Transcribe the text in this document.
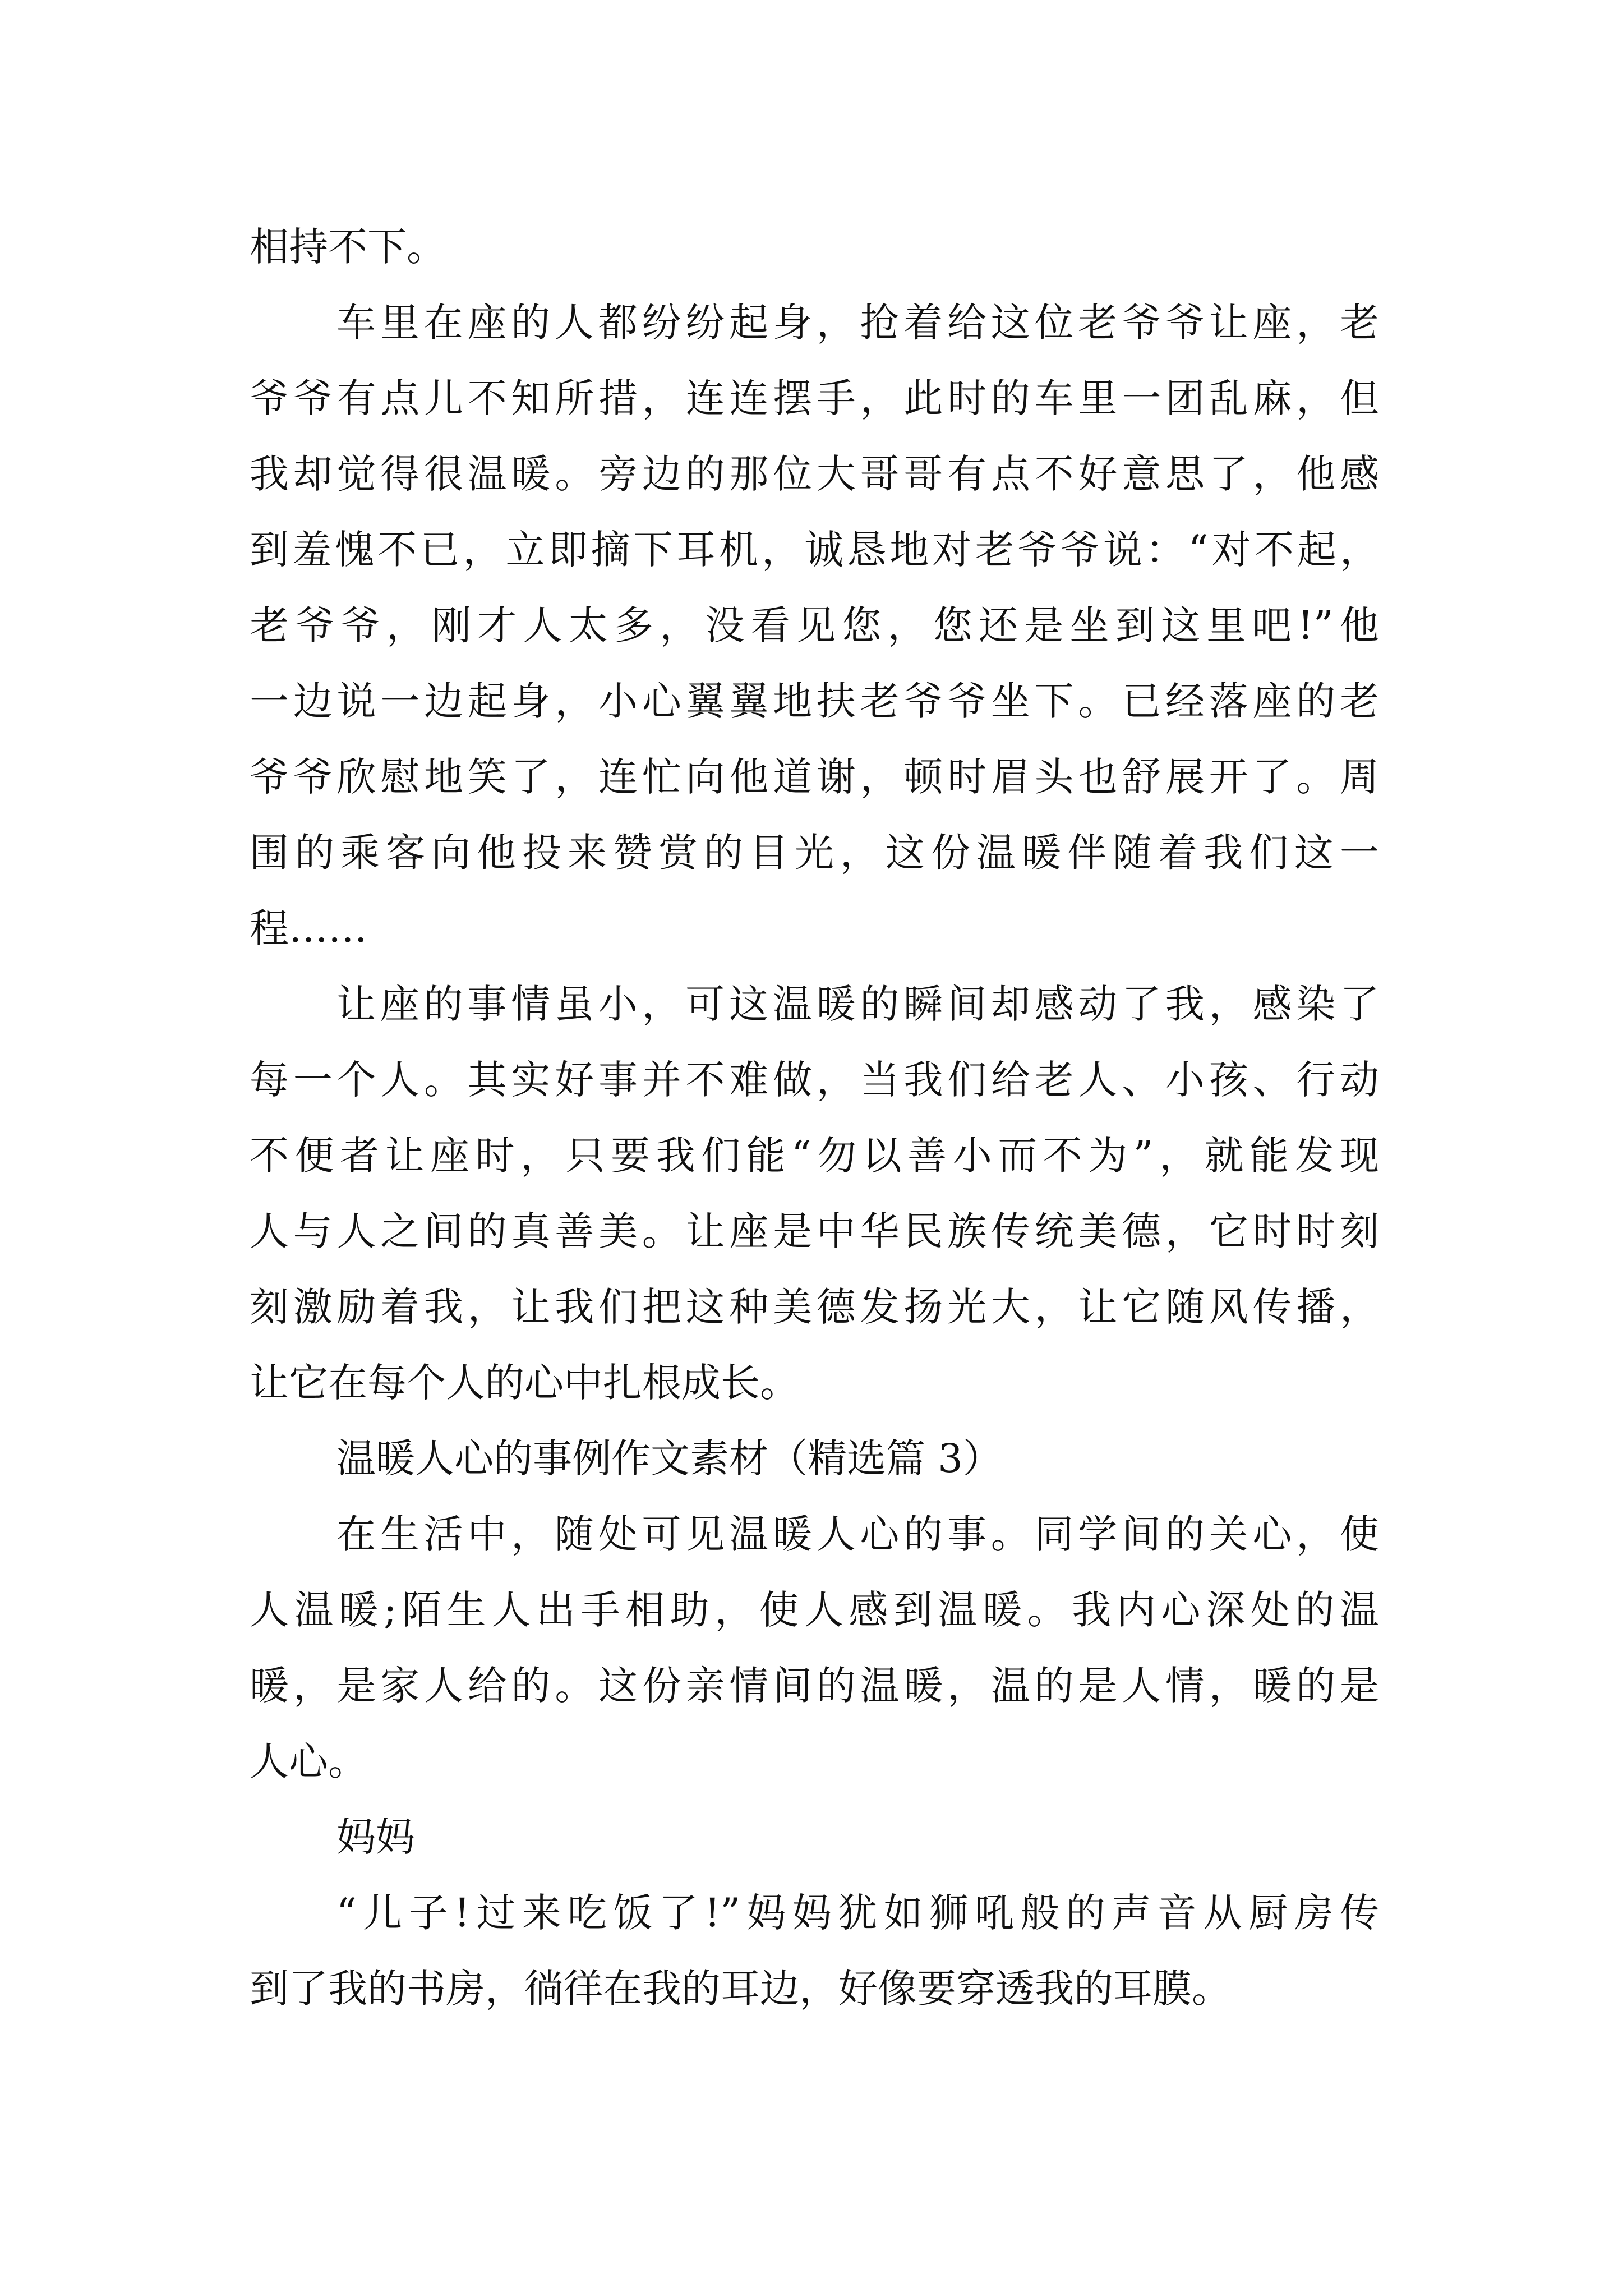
相持不下。
车里在座的人都纷纷起身，抢着给这位老爷爷让座，老
爷爷有点儿不知所措，连连摆手，此时的车里一团乱麻，但
我却觉得很温暖。旁边的那位大哥哥有点不好意思了，他感
到羞愧不已，立即摘下耳机，诚恳地对老爷爷说：“对不起，
老爷爷，刚才人太多，没看见您，您还是坐到这里吧!”他
一边说一边起身，小心翼翼地扶老爷爷坐下。已经落座的老
爷爷欣慰地笑了，连忙向他道谢，顿时眉头也舒展开了。周
围的乘客向他投来赞赏的目光，这份温暖伴随着我们这一
程……
让座的事情虽小，可这温暖的瞬间却感动了我，感染了
每一个人。其实好事并不难做，当我们给老人、小孩、行动
不便者让座时，只要我们能“勿以善小而不为”，就能发现
人与人之间的真善美。让座是中华民族传统美德，它时时刻
刻激励着我，让我们把这种美德发扬光大，让它随风传播，
让它在每个人的心中扎根成长。
温暖人心的事例作文素材（精选篇 3）
在生活中，随处可见温暖人心的事。同学间的关心，使
人温暖;陌生人出手相助，使人感到温暖。我内心深处的温
暖，是家人给的。这份亲情间的温暖，温的是人情，暖的是
人心。
妈妈
“儿子!过来吃饭了!”妈妈犹如狮吼般的声音从厨房传
到了我的书房，徜徉在我的耳边，好像要穿透我的耳膜。
